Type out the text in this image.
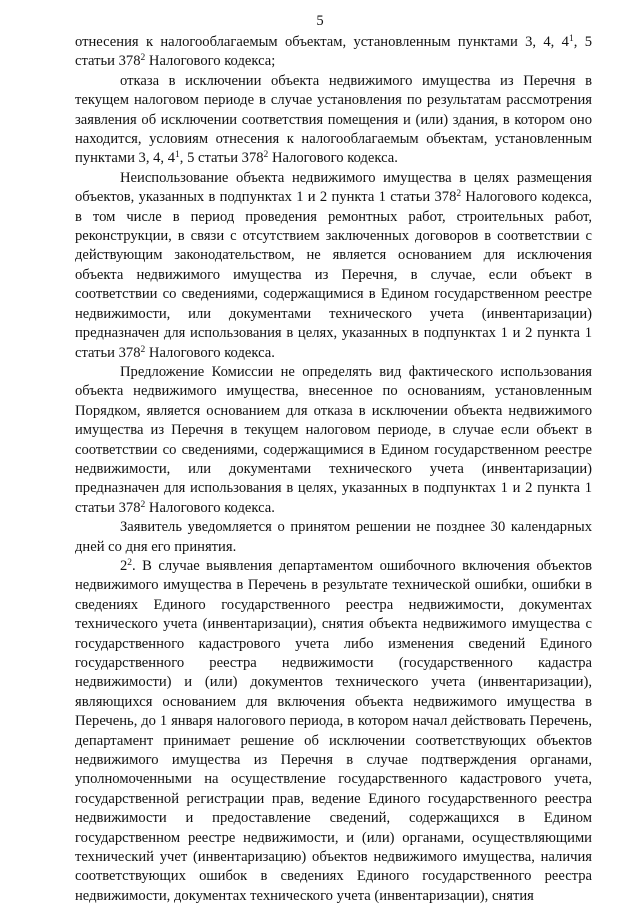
5

отнесения к налогооблагаемым объектам, установленным пунктами 3, 4, $4^1$, 5 статьи $378^2$ Налогового кодекса;

отказа в исключении объекта недвижимого имущества из Перечня в текущем налоговом периоде в случае установления по результатам рассмотрения заявления об исключении соответствия помещения и (или) здания, в котором оно находится, условиям отнесения к налогооблагаемым объектам, установленным пунктами 3, 4, $4^1$, 5 статьи $378^2$ Налогового кодекса.

Неиспользование объекта недвижимого имущества в целях размещения объектов, указанных в подпунктах 1 и 2 пункта 1 статьи $378^2$ Налогового кодекса, в том числе в период проведения ремонтных работ, строительных работ, реконструкции, в связи с отсутствием заключенных договоров в соответствии с действующим законодательством, не является основанием для исключения объекта недвижимого имущества из Перечня, в случае, если объект в соответствии со сведениями, содержащимися в Едином государственном реестре недвижимости, или документами технического учета (инвентаризации) предназначен для использования в целях, указанных в подпунктах 1 и 2 пункта 1 статьи $378^2$ Налогового кодекса.

Предложение Комиссии не определять вид фактического использования объекта недвижимого имущества, внесенное по основаниям, установленным Порядком, является основанием для отказа в исключении объекта недвижимого имущества из Перечня в текущем налоговом периоде, в случае если объект в соответствии со сведениями, содержащимися в Едином государственном реестре недвижимости, или документами технического учета (инвентаризации) предназначен для использования в целях, указанных в подпунктах 1 и 2 пункта 1 статьи $378^2$ Налогового кодекса.

Заявитель уведомляется о принятом решении не позднее 30 календарных дней со дня его принятия.

$2^2$. В случае выявления департаментом ошибочного включения объектов недвижимого имущества в Перечень в результате технической ошибки, ошибки в сведениях Единого государственного реестра недвижимости, документах технического учета (инвентаризации), снятия объекта недвижимого имущества с государственного кадастрового учета либо изменения сведений Единого государственного реестра недвижимости (государственного кадастра недвижимости) и (или) документов технического учета (инвентаризации), являющихся основанием для включения объекта недвижимого имущества в Перечень, до 1 января налогового периода, в котором начал действовать Перечень, департамент принимает решение об исключении соответствующих объектов недвижимого имущества из Перечня в случае подтверждения органами, уполномоченными на осуществление государственного кадастрового учета, государственной регистрации прав, ведение Единого государственного реестра недвижимости и предоставление сведений, содержащихся в Едином государственном реестре недвижимости, и (или) органами, осуществляющими технический учет (инвентаризацию) объектов недвижимого имущества, наличия соответствующих ошибок в сведениях Единого государственного реестра недвижимости, документах технического учета (инвентаризации), снятия
